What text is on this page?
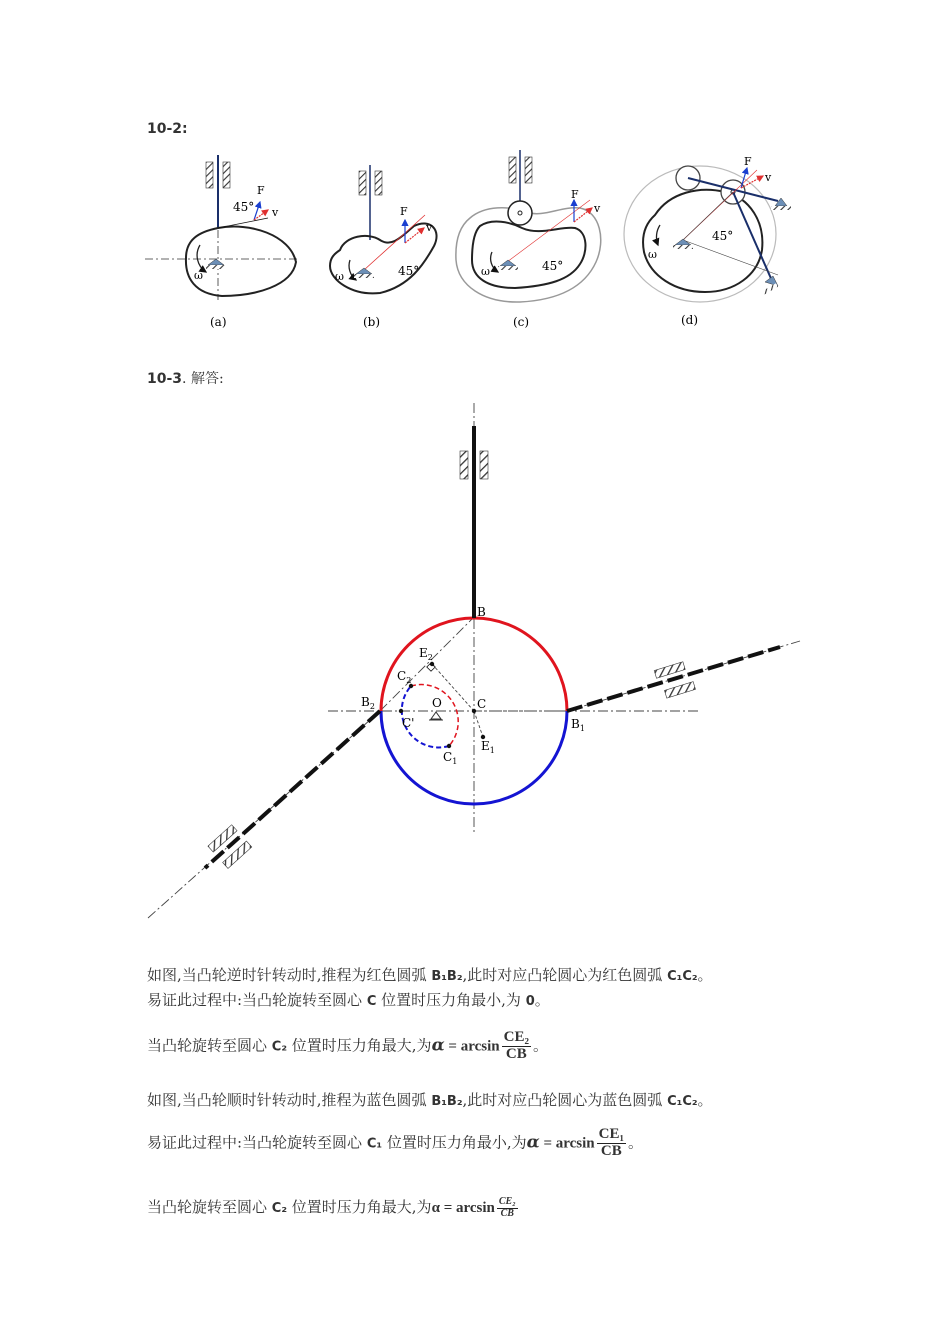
10-2:
45°
F
v
ω
(a)
45°
F
v
ω
(b)
45°
F
v
ω
(c)
45°
F
v
ω
(d)
10-3. 解答:
B
$B_1$
$B_2$	C
C'
$C_1$
$C_2$
$E_1$
$E_2$
O
如图,当凸轮逆时针转动时,推程为红色圆弧 B₁B₂,此时对应凸轮圆心为红色圆弧 C₁C₂。
易证此过程中:当凸轮旋转至圆心 C 位置时压力角最小,为 0。
当凸轮旋转至圆心 C₂ 位置时压力角最大,为$\alpha = \arcsin \frac{\text{CE₂}}{CB}$ 。
如图,当凸轮顺时针转动时,推程为蓝色圆弧 B₁B₂,此时对应凸轮圆心为蓝色圆弧 C₁C₂。
易证此过程中:当凸轮旋转至圆心 C₁ 位置时压力角最小,为$\alpha = \arcsin \frac{\text{CE₁}}{CB}$ 。
当凸轮旋转至圆心 C₂ 位置时压力角最大,为$\alpha = \arcsin \frac{\text{CE₂}}{CB}$
